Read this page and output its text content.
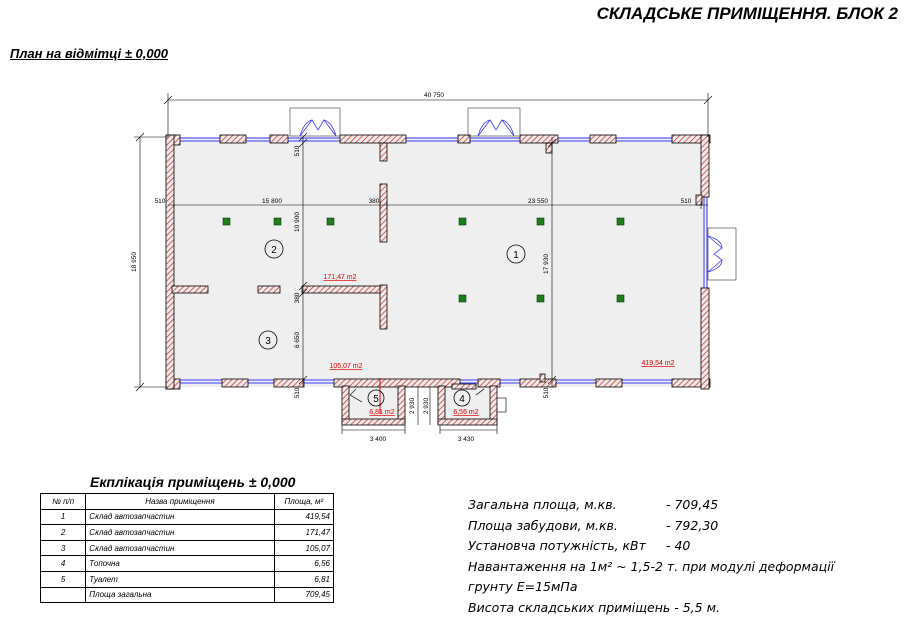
СКЛАДСЬКЕ ПРИМІЩЕННЯ. БЛОК 2
План на відмітці ± 0,000
40 750
18 950
15 800	23 550
510	380	510
510
10 900
380
6 650
510
17 930
510
2 930 2 930
3 400	3 430
1
2
3
4
5
419,54 m2
171,47 m2
105,07 m2
6,56 m2
6,81 m2
Екплікація приміщень ± 0,000
№ п/п	Назва приміщення	Площа, м²
1	Склад автозапчастин	419,54
2	Склад автозапчастин	171,47
3	Склад автозапчастин	105,07
4	Топочна	6,56
5	Туалет	6,81
	Площа загальна	709,45
Загальна площа, м.кв.	- 709,45
Площа забудови, м.кв.	- 792,30
Установча потужність, кВт - 40
Навантаження на 1м² ~ 1,5-2 т. при модулі деформації
грунту Е=15мПа
Висота складських приміщень - 5,5 м.
